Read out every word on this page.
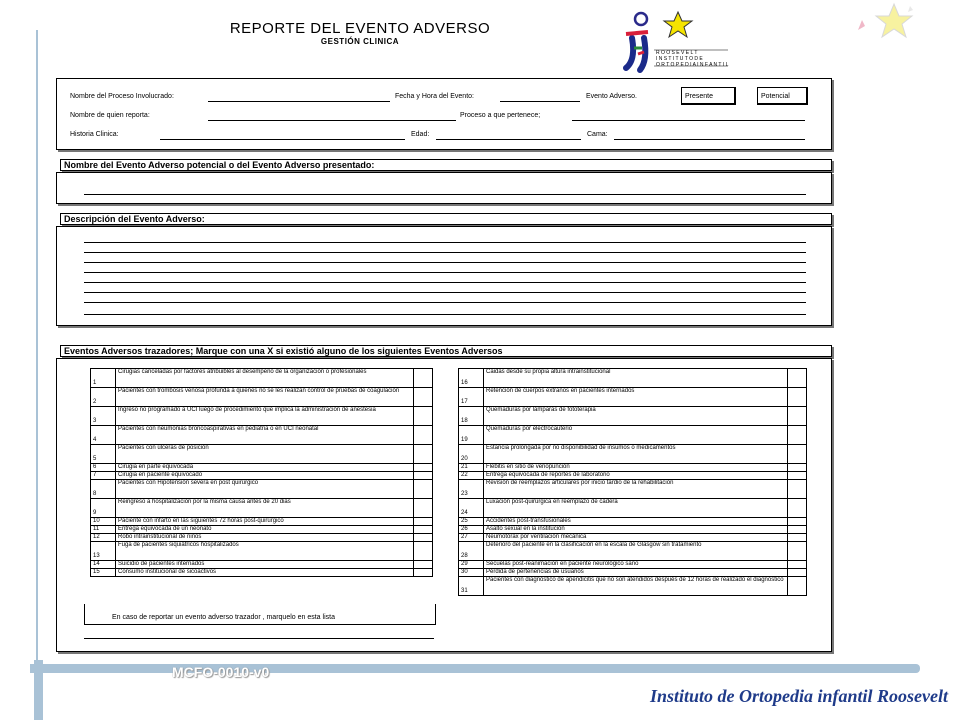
REPORTE DEL EVENTO ADVERSO
GESTIÓN CLINICA
R O O S E V E L T
I N S T I T U T O D E
O R T O P E D I A I N F A N T I L
Nombre del Proceso Involucrado:	Fecha y Hora del Evento:	Evento Adverso.	Presente	Potencial
Nombre de quien reporta:	Proceso a que pertenece;
Historia Clinica:	Edad:	Cama:
Nombre del Evento Adverso potencial o del Evento Adverso presentado:
Descripción del Evento Adverso:
Eventos Adversos trazadores; Marque con una X si existió alguno de los siguientes Eventos Adversos
1	Cirugias canceladas por factores atribuibles al desempeño de la organización o profesionales	
2	Pacientes con trombosis venosa profunda a quienes no se les realizan control de pruebas de coagulación	
3	Ingreso no programado a UCI luego de procedimiento que implica la administración de anestesia	
4	Pacientes con neumonias broncoaspirativas en pediatria o en UCI neonatal	
5	Pacientes con úlceras de posición	
6	Cirugia en parte equivocada	
7	Cirugia en paciente equivocado	
8	Pacientes con Hipotensión severa en post quirúrgico	
9	Reingreso a hospitalización por la misma causa antes de 20 dias	
10	Paciente con infarto en las siguientes 72 horas post-quirúrgico	
11	Entrega equivocada de un neonato	
12	Robo intrainstitucional de niños	
13	Fuga de pacientes siquiátricos hospitalizados	
14	Suicidio de pacientes internados	
15	Consumo institucional de sicoactivos	
16	Caidas desde su propia altura intrainstitucional	
17	Retención de cuerpos extraños en pacientes internados	
18	Quemaduras por lámparas de fototerapia	
19	Quemaduras por electrocauterio	
20	Estancia prolongada por no disponibilidad de insumos o medicamentos	
21	Flebitis en sitio de venopunción	
22	Entrega equivocada de reportes de laboratorio	
23	Revisión de reemplazos articulares por inicio tardio de la rehabilitación	
24	Luxación post-quirúrgica en reemplazo de cadera	
25	Accidentes post-transfusionales	
26	Asalto sexual en la institución	
27	Neumotórax por ventilación mecánica	
28	Deterioro del paciente en la clasificación en la escala de Glasgow sin tratamiento	
29	Secuelas post-reanimación en paciente neurológico sano	
30	Pérdida de pertenencias de usuarios	
31	Pacientes con diagnóstico de apendicitis que no son atendidos después de 12 horas de realizado el diagnóstico	
En caso de reportar un evento adverso trazador , marquelo en esta lista
MCFO-0010-v0
Instituto de Ortopedia infantil Roosevelt
